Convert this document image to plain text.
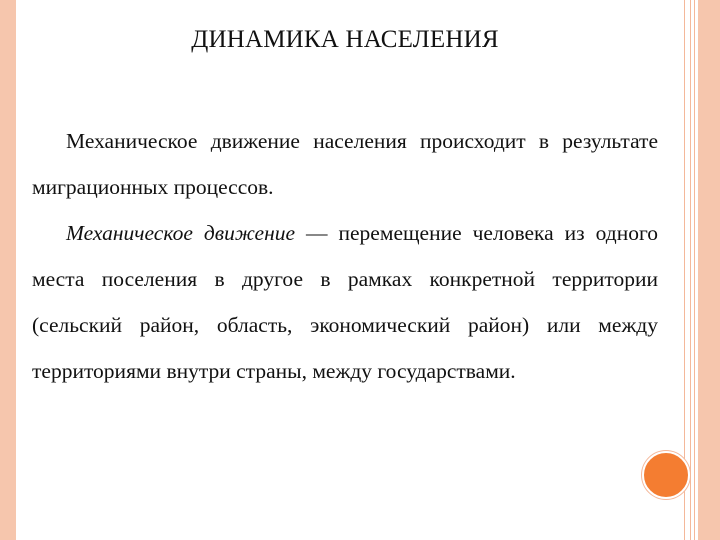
ДИНАМИКА НАСЕЛЕНИЯ

Механическое движение населения происходит в результате миграционных процессов.

Механическое движение — перемещение человека из одного места поселения в другое в рамках конкретной территории (сельский район, область, экономический район) или между территориями внутри страны, между государствами.
